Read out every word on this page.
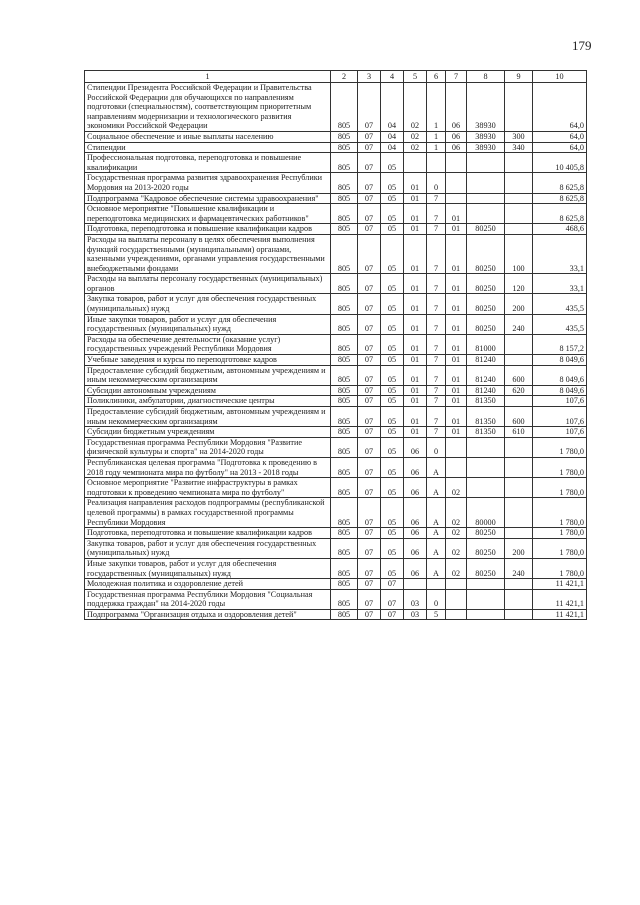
179
1	2	3	4	5	6	7	8	9	10
Стипендии Президента Российской Федерации и Правительства Российской Федерации для обучающихся по направлениям подготовки (специальностям), соответствующим приоритетным направлениям модернизации и технологического развития экономики Российской Федерации	805	07	04	02	1	06	38930		64,0
Социальное обеспечение и иные выплаты населению	805	07	04	02	1	06	38930	300	64,0
Стипендии	805	07	04	02	1	06	38930	340	64,0
Профессиональная подготовка, переподготовка и повышение квалификации	805	07	05						10 405,8
Государственная программа развития здравоохранения Республики Мордовия на 2013-2020 годы	805	07	05	01	0				8 625,8
Подпрограмма "Кадровое обеспечение системы здравоохранения"	805	07	05	01	7				8 625,8
Основное мероприятие "Повышение квалификации и переподготовка медицинских и фармацевтических работников"	805	07	05	01	7	01			8 625,8
Подготовка, переподготовка и повышение квалификации кадров	805	07	05	01	7	01	80250		468,6
Расходы на выплаты персоналу в целях обеспечения выполнения функций государственными (муниципальными) органами, казенными учреждениями, органами управления государственными внебюджетными фондами	805	07	05	01	7	01	80250	100	33,1
Расходы на выплаты персоналу государственных (муниципальных) органов	805	07	05	01	7	01	80250	120	33,1
Закупка товаров, работ и услуг для обеспечения государственных (муниципальных) нужд	805	07	05	01	7	01	80250	200	435,5
Иные закупки товаров, работ и услуг для обеспечения государственных (муниципальных) нужд	805	07	05	01	7	01	80250	240	435,5
Расходы на обеспечение деятельности (оказание услуг) государственных учреждений Республики Мордовия	805	07	05	01	7	01	81000		8 157,2
Учебные заведения и курсы по переподготовке кадров	805	07	05	01	7	01	81240		8 049,6
Предоставление субсидий бюджетным, автономным учреждениям и иным некоммерческим организациям	805	07	05	01	7	01	81240	600	8 049,6
Субсидии автономным учреждениям	805	07	05	01	7	01	81240	620	8 049,6
Поликлиники, амбулатории, диагностические центры	805	07	05	01	7	01	81350		107,6
Предоставление субсидий бюджетным, автономным учреждениям и иным некоммерческим организациям	805	07	05	01	7	01	81350	600	107,6
Субсидии бюджетным учреждениям	805	07	05	01	7	01	81350	610	107,6
Государственная программа Республики Мордовия "Развитие физической культуры и спорта" на 2014-2020 годы	805	07	05	06	0				1 780,0
Республиканская целевая программа "Подготовка к проведению в 2018 году чемпионата мира по футболу" на 2013 - 2018 годы	805	07	05	06	А				1 780,0
Основное мероприятие "Развитие инфраструктуры в рамках подготовки к проведению чемпионата мира по футболу"	805	07	05	06	А	02			1 780,0
Реализация направления расходов подпрограммы (республиканской целевой программы) в рамках государственной программы Республики Мордовия	805	07	05	06	А	02	80000		1 780,0
Подготовка, переподготовка и повышение квалификации кадров	805	07	05	06	А	02	80250		1 780,0
Закупка товаров, работ и услуг для обеспечения государственных (муниципальных) нужд	805	07	05	06	А	02	80250	200	1 780,0
Иные закупки товаров, работ и услуг для обеспечения государственных (муниципальных) нужд	805	07	05	06	А	02	80250	240	1 780,0
Молодежная политика и оздоровление детей	805	07	07						11 421,1
Государственная программа Республики Мордовия "Социальная поддержка граждан" на 2014-2020 годы	805	07	07	03	0				11 421,1
Подпрограмма "Организация отдыха и оздоровления детей"	805	07	07	03	5				11 421,1
